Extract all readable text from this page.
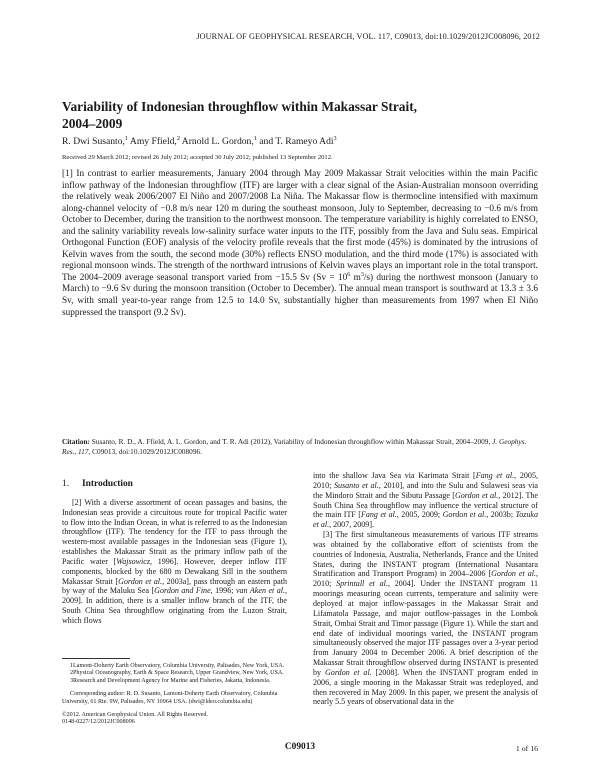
JOURNAL OF GEOPHYSICAL RESEARCH, VOL. 117, C09013, doi:10.1029/2012JC008096, 2012
Variability of Indonesian throughflow within Makassar Strait,
2004–2009
R. Dwi Susanto,$^1$ Amy Ffield,$^2$ Arnold L. Gordon,$^1$ and T. Rameyo Adi$^3$
Received 29 March 2012; revised 26 July 2012; accepted 30 July 2012; published 13 September 2012.
[1] In contrast to earlier measurements, January 2004 through May 2009 Makassar Strait velocities within the main Pacific inflow pathway of the Indonesian throughflow (ITF) are larger with a clear signal of the Asian-Australian monsoon overriding the relatively weak 2006/2007 El Niño and 2007/2008 La Niña. The Makassar flow is thermocline intensified with maximum along-channel velocity of −0.8 m/s near 120 m during the southeast monsoon, July to September, decreasing to −0.6 m/s from October to December, during the transition to the northwest monsoon. The temperature variability is highly correlated to ENSO, and the salinity variability reveals low-salinity surface water inputs to the ITF, possibly from the Java and Sulu seas. Empirical Orthogonal Function (EOF) analysis of the velocity profile reveals that the first mode (45%) is dominated by the intrusions of Kelvin waves from the south, the second mode (30%) reflects ENSO modulation, and the third mode (17%) is associated with regional monsoon winds. The strength of the northward intrusions of Kelvin waves plays an important role in the total transport. The 2004–2009 average seasonal transport varied from −15.5 Sv ($Sv = 10^6$ $m^3/s$) during the northwest monsoon (January to March) to −9.6 Sv during the monsoon transition (October to December). The annual mean transport is southward at 13.3 ± 3.6 Sv, with small year-to-year range from 12.5 to 14.0 Sv, substantially higher than measurements from 1997 when El Niño suppressed the transport (9.2 Sv).
Citation: Susanto, R. D., A. Ffield, A. L. Gordon, and T. R. Adi (2012), Variability of Indonesian throughflow within Makassar Strait, 2004–2009, J. Geophys. Res., 117, C09013, doi:10.1029/2012JC008096.
1. Introduction

[2] With a diverse assortment of ocean passages and basins, the Indonesian seas provide a circuitous route for tropical Pacific water to flow into the Indian Ocean, in what is referred to as the Indonesian throughflow (ITF). The tendency for the ITF to pass through the western-most available passages in the Indonesian seas (Figure 1), establishes the Makassar Strait as the primary inflow path of the Pacific water [Wajsowicz, 1996]. However, deeper inflow ITF components, blocked by the 680 m Dewakang Sill in the southern Makassar Strait [Gordon et al., 2003a], pass through an eastern path by way of the Maluku Sea [Gordon and Fine, 1996; van Aken et al., 2009]. In addition, there is a smaller inflow branch of the ITF, the South China Sea throughflow originating from the Luzon Strait, which flows

1Lamont-Doherty Earth Observatory, Columbia University, Palisades, New York, USA.

2Physical Oceanography, Earth & Space Research, Upper Grandview, New York, USA.

3Research and Development Agency for Marine and Fisheries, Jakarta, Indonesia.

Corresponding author: R. D. Susanto, Lamont-Doherty Earth Observatory, Columbia University, 61 Rte. 9W, Palisades, NY 10964 USA. (dwi@ldeo.columbia.edu)

©2012. American Geophysical Union. All Rights Reserved.

0148-0227/12/2012JC008096

into the shallow Java Sea via Karimata Strait [Fang et al., 2005, 2010; Susanto et al., 2010], and into the Sulu and Sulawesi seas via the Mindoro Strait and the Sibutu Passage [Gordon et al., 2012]. The South China Sea throughflow may influence the vertical structure of the main ITF [Fang et al., 2005, 2009; Gordon et al., 2003b; Tozuka et al., 2007, 2009].

[3] The first simultaneous measurements of various ITF streams was obtained by the collaborative effort of scientists from the countries of Indonesia, Australia, Netherlands, France and the United States, during the INSTANT program (International Nusantara Stratification and Transport Program) in 2004–2006 [Gordon et al., 2010; Sprintall et al., 2004]. Under the INSTANT program 11 moorings measuring ocean currents, temperature and salinity were deployed at major inflow-passages in the Makassar Strait and Lifamatola Passage, and major outflow-passages in the Lombok Strait, Ombai Strait and Timor passage (Figure 1). While the start and end date of individual moorings varied, the INSTANT program simultaneously observed the major ITF passages over a 3-year period from January 2004 to December 2006. A brief description of the Makassar Strait throughflow observed during INSTANT is presented by Gordon et al. [2008]. When the INSTANT program ended in 2006, a single mooring in the Makassar Strait was redeployed, and then recovered in May 2009. In this paper, we present the analysis of nearly 5.5 years of observational data in the

C09013	1 of 16
